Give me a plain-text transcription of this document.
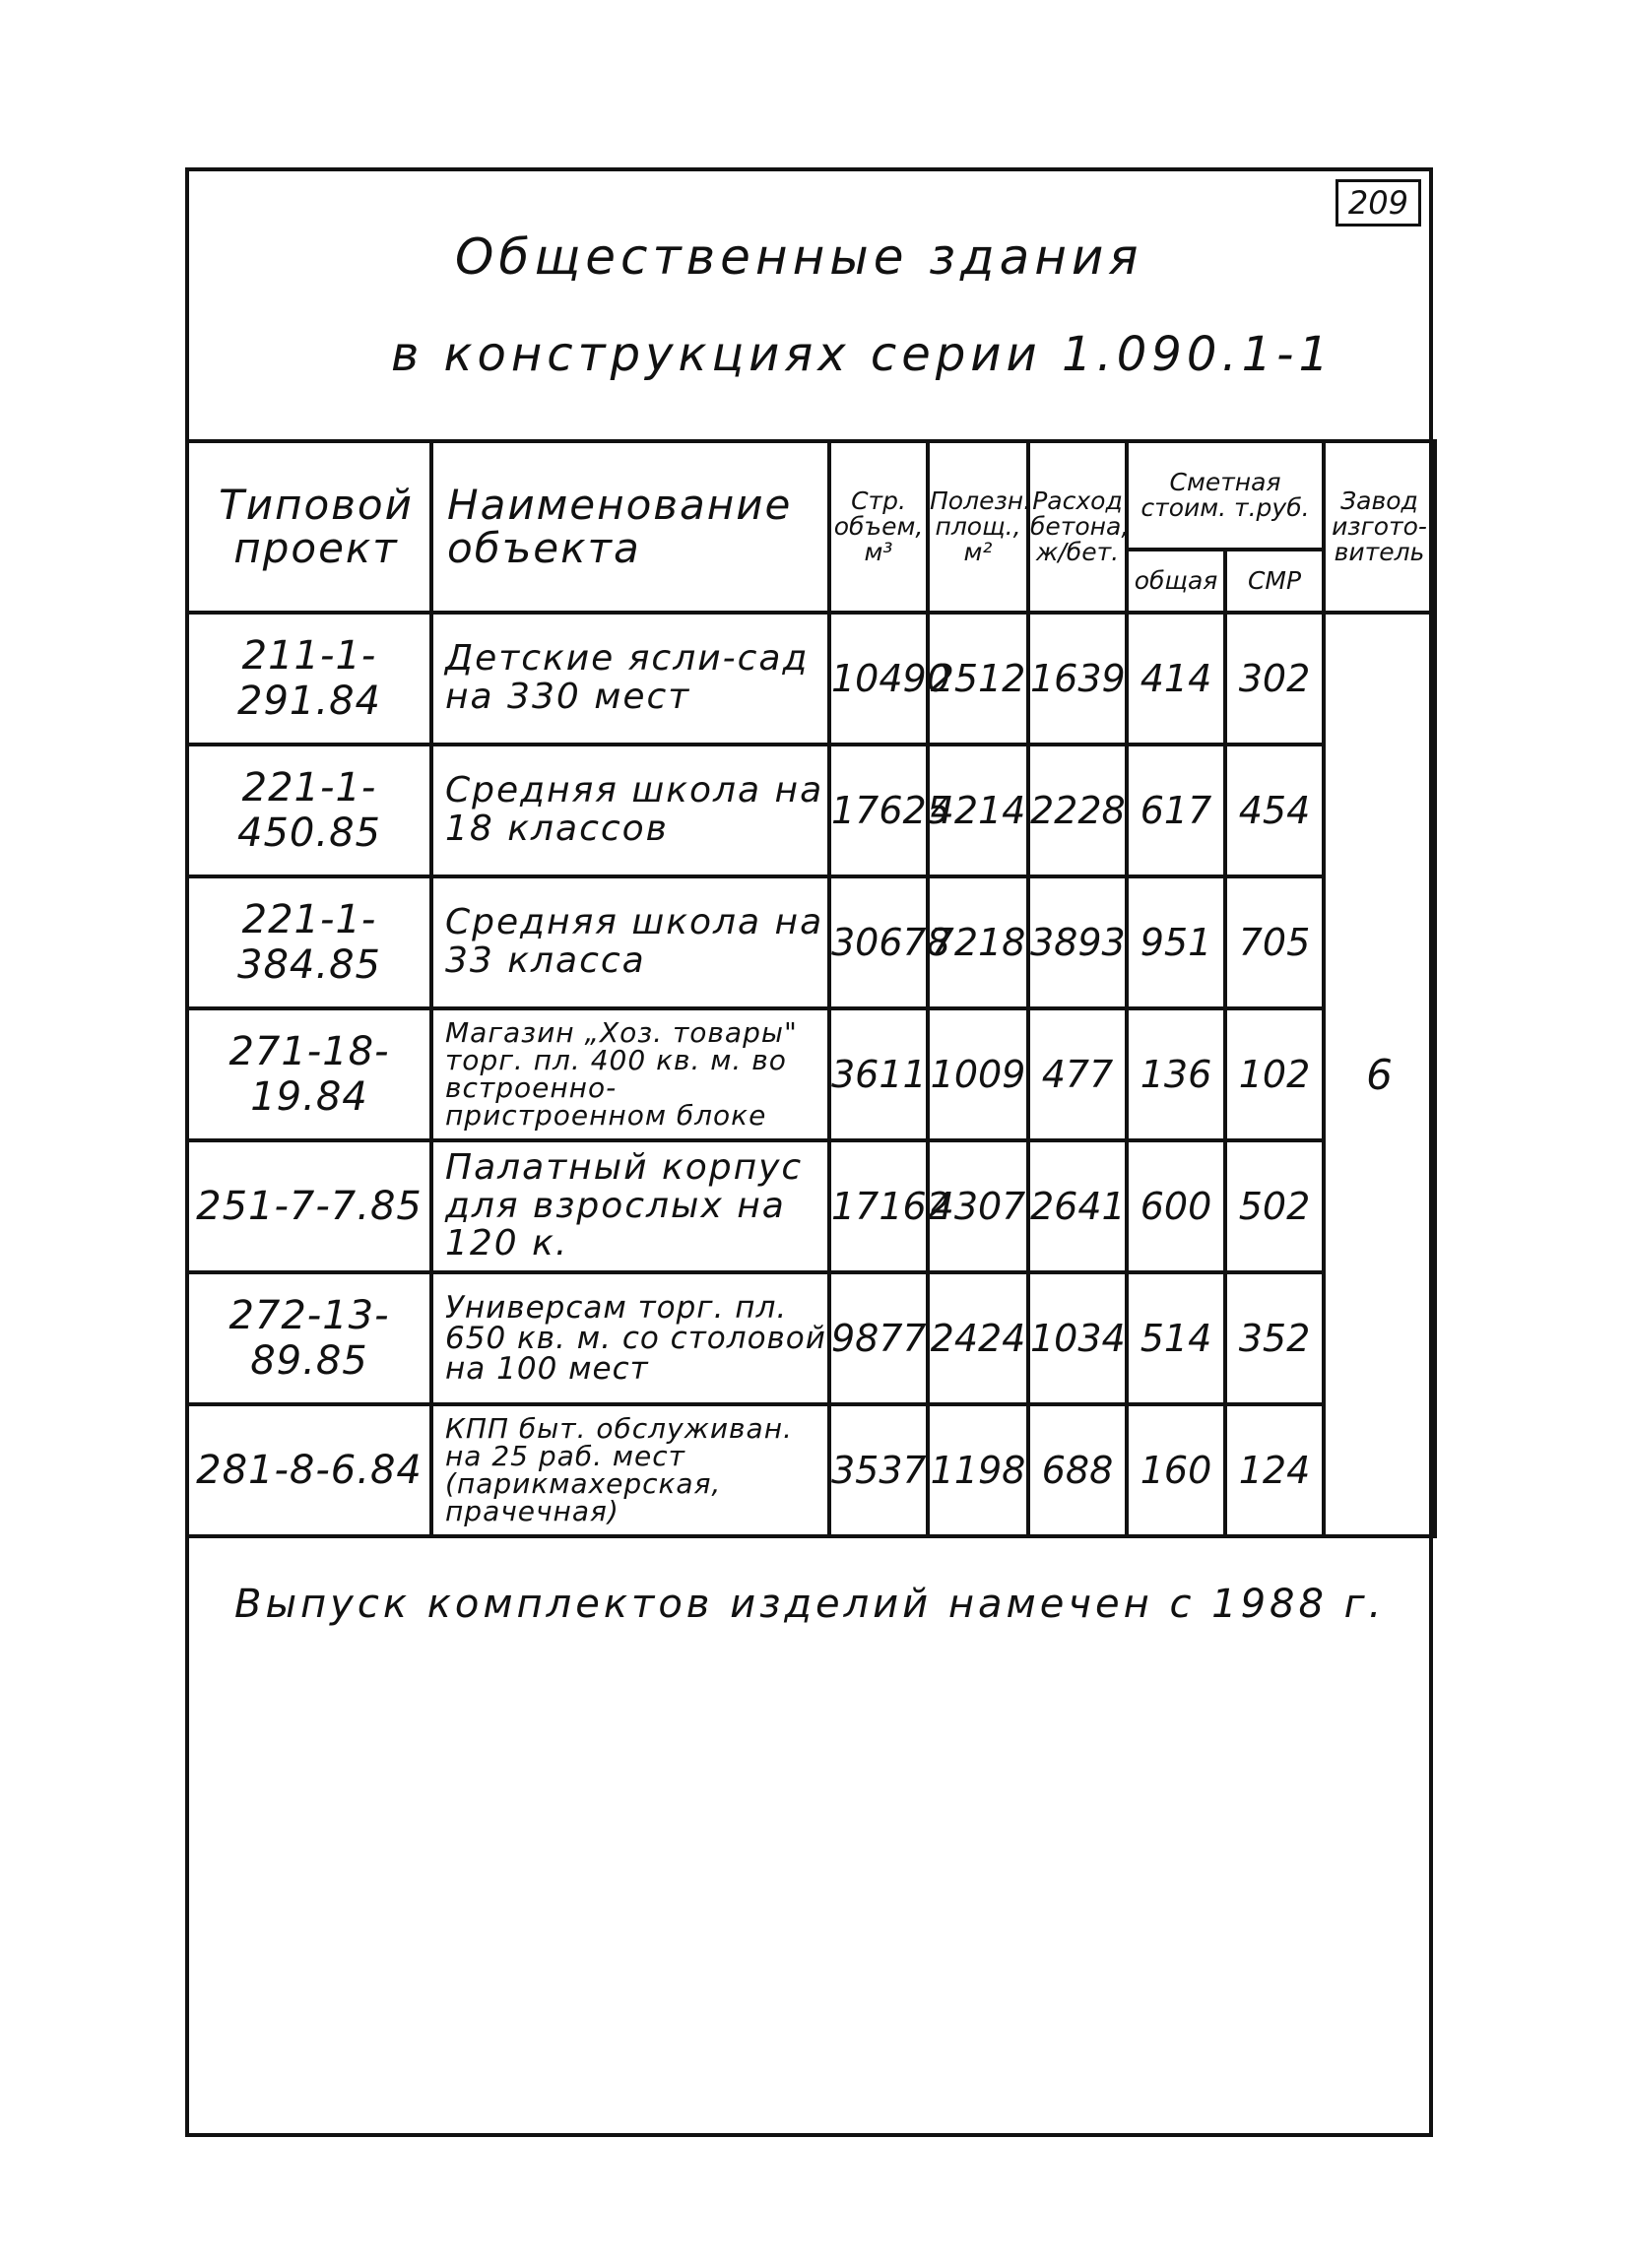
209
Общественные здания
в конструкциях серии 1.090.1-1
Типовой проект	Наименование объекта	Стр. объем, м³	Полезн. площ., м²	Расход бетона, ж/бет.	Сметная стоим. т.руб.		Завод изгото- витель
					общая	СМР	
211-1-291.84	Детские ясли-сад на 330 мест	10490	2512	1639	414	302	6
221-1-450.85	Средняя школа на 18 классов	17625	4214	2228	617	454	
221-1-384.85	Средняя школа на 33 класса	30678	7218	3893	951	705	
271-18-19.84	Магазин „Хоз. товары" торг. пл. 400 кв. м. во встроенно-пристроенном блоке	3611	1009	477	136	102	
251-7-7.85	Палатный корпус для взрослых на 120 к.	17162	4307	2641	600	502	
272-13-89.85	Универсам торг. пл. 650 кв. м. со столовой на 100 мест	9877	2424	1034	514	352	
281-8-6.84	КПП быт. обслуживан. на 25 раб. мест (парикмахерская, прачечная)	3537	1198	688	160	124	
Выпуск комплектов изделий намечен с 1988 г.
